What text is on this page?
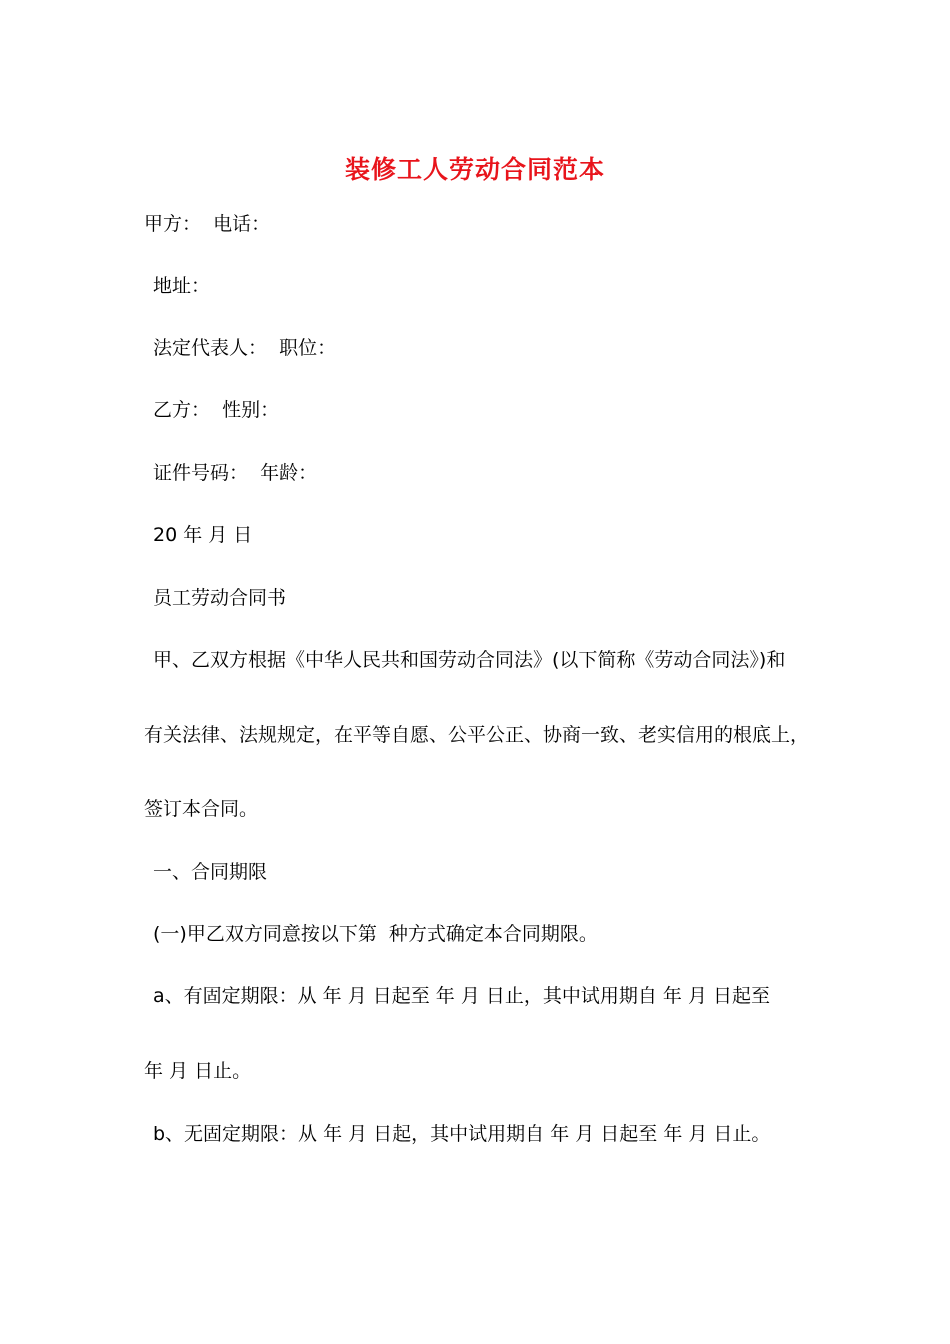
装修工人劳动合同范本
甲方：  电话：
地址：
法定代表人：  职位：
乙方：  性别：
证件号码：  年龄：
20 年 月 日
员工劳动合同书
甲、乙双方根据《中华人民共和国劳动合同法》(以下简称《劳动合同法》)和
有关法律、法规规定，在平等自愿、公平公正、协商一致、老实信用的根底上，
签订本合同。
一、合同期限
(一)甲乙双方同意按以下第  种方式确定本合同期限。
a、有固定期限：从 年 月 日起至 年 月 日止，其中试用期自 年 月 日起至
年 月 日止。
b、无固定期限：从 年 月 日起，其中试用期自 年 月 日起至 年 月 日止。
